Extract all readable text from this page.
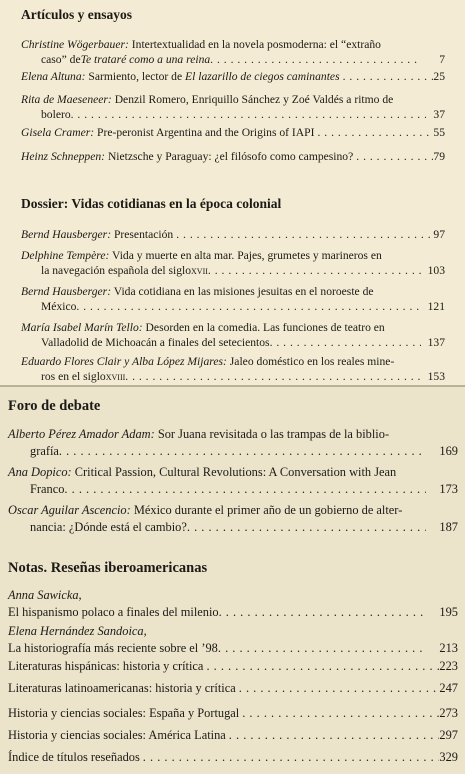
Artículos y ensayos
Christine Wögerbauer: Intertextualidad en la novela posmoderna: el “extraño
caso” de Te trataré como a una reina . . .	7
Elena Altuna: Sarmiento, lector de El lazarillo de ciegos caminantes . . .	25
Rita de Maeseneer: Denzil Romero, Enriquillo Sánchez y Zoé Valdés a ritmo de
bolero . . .	37
Gisela Cramer: Pre-peronist Argentina and the Origins of IAPI . . .	55
Heinz Schneppen: Nietzsche y Paraguay: ¿el filósofo como campesino? . . .	79
Dossier: Vidas cotidianas en la época colonial
Bernd Hausberger: Presentación . . .	97
Delphine Tempère: Vida y muerte en alta mar. Pajes, grumetes y marineros en
la navegación española del siglo xvii . . .	103
Bernd Hausberger: Vida cotidiana en las misiones jesuitas en el noroeste de
México . . .	121
María Isabel Marín Tello: Desorden en la comedia. Las funciones de teatro en
Valladolid de Michoacán a finales del setecientos . . .	137
Eduardo Flores Clair y Alba López Mijares: Jaleo doméstico en los reales mine-
ros en el siglo xviii . . .	153
Foro de debate
Alberto Pérez Amador Adam: Sor Juana revisitada o las trampas de la biblio-
grafía . . .	169
Ana Dopico: Critical Passion, Cultural Revolutions: A Conversation with Jean
Franco . . .	173
Oscar Aguilar Ascencio: México durante el primer año de un gobierno de alter-
nancia: ¿Dónde está el cambio? . . .	187
Notas. Reseñas iberoamericanas
Anna Sawicka,
El hispanismo polaco a finales del milenio . . .	195
Elena Hernández Sandoica,
La historiografía más reciente sobre el ’98 . . .	213
Literaturas hispánicas: historia y crítica . . .	223
Literaturas latinoamericanas: historia y crítica . . .	247
Historia y ciencias sociales: España y Portugal . . .	273
Historia y ciencias sociales: América Latina . . .	297
Índice de títulos reseñados . . .	329
